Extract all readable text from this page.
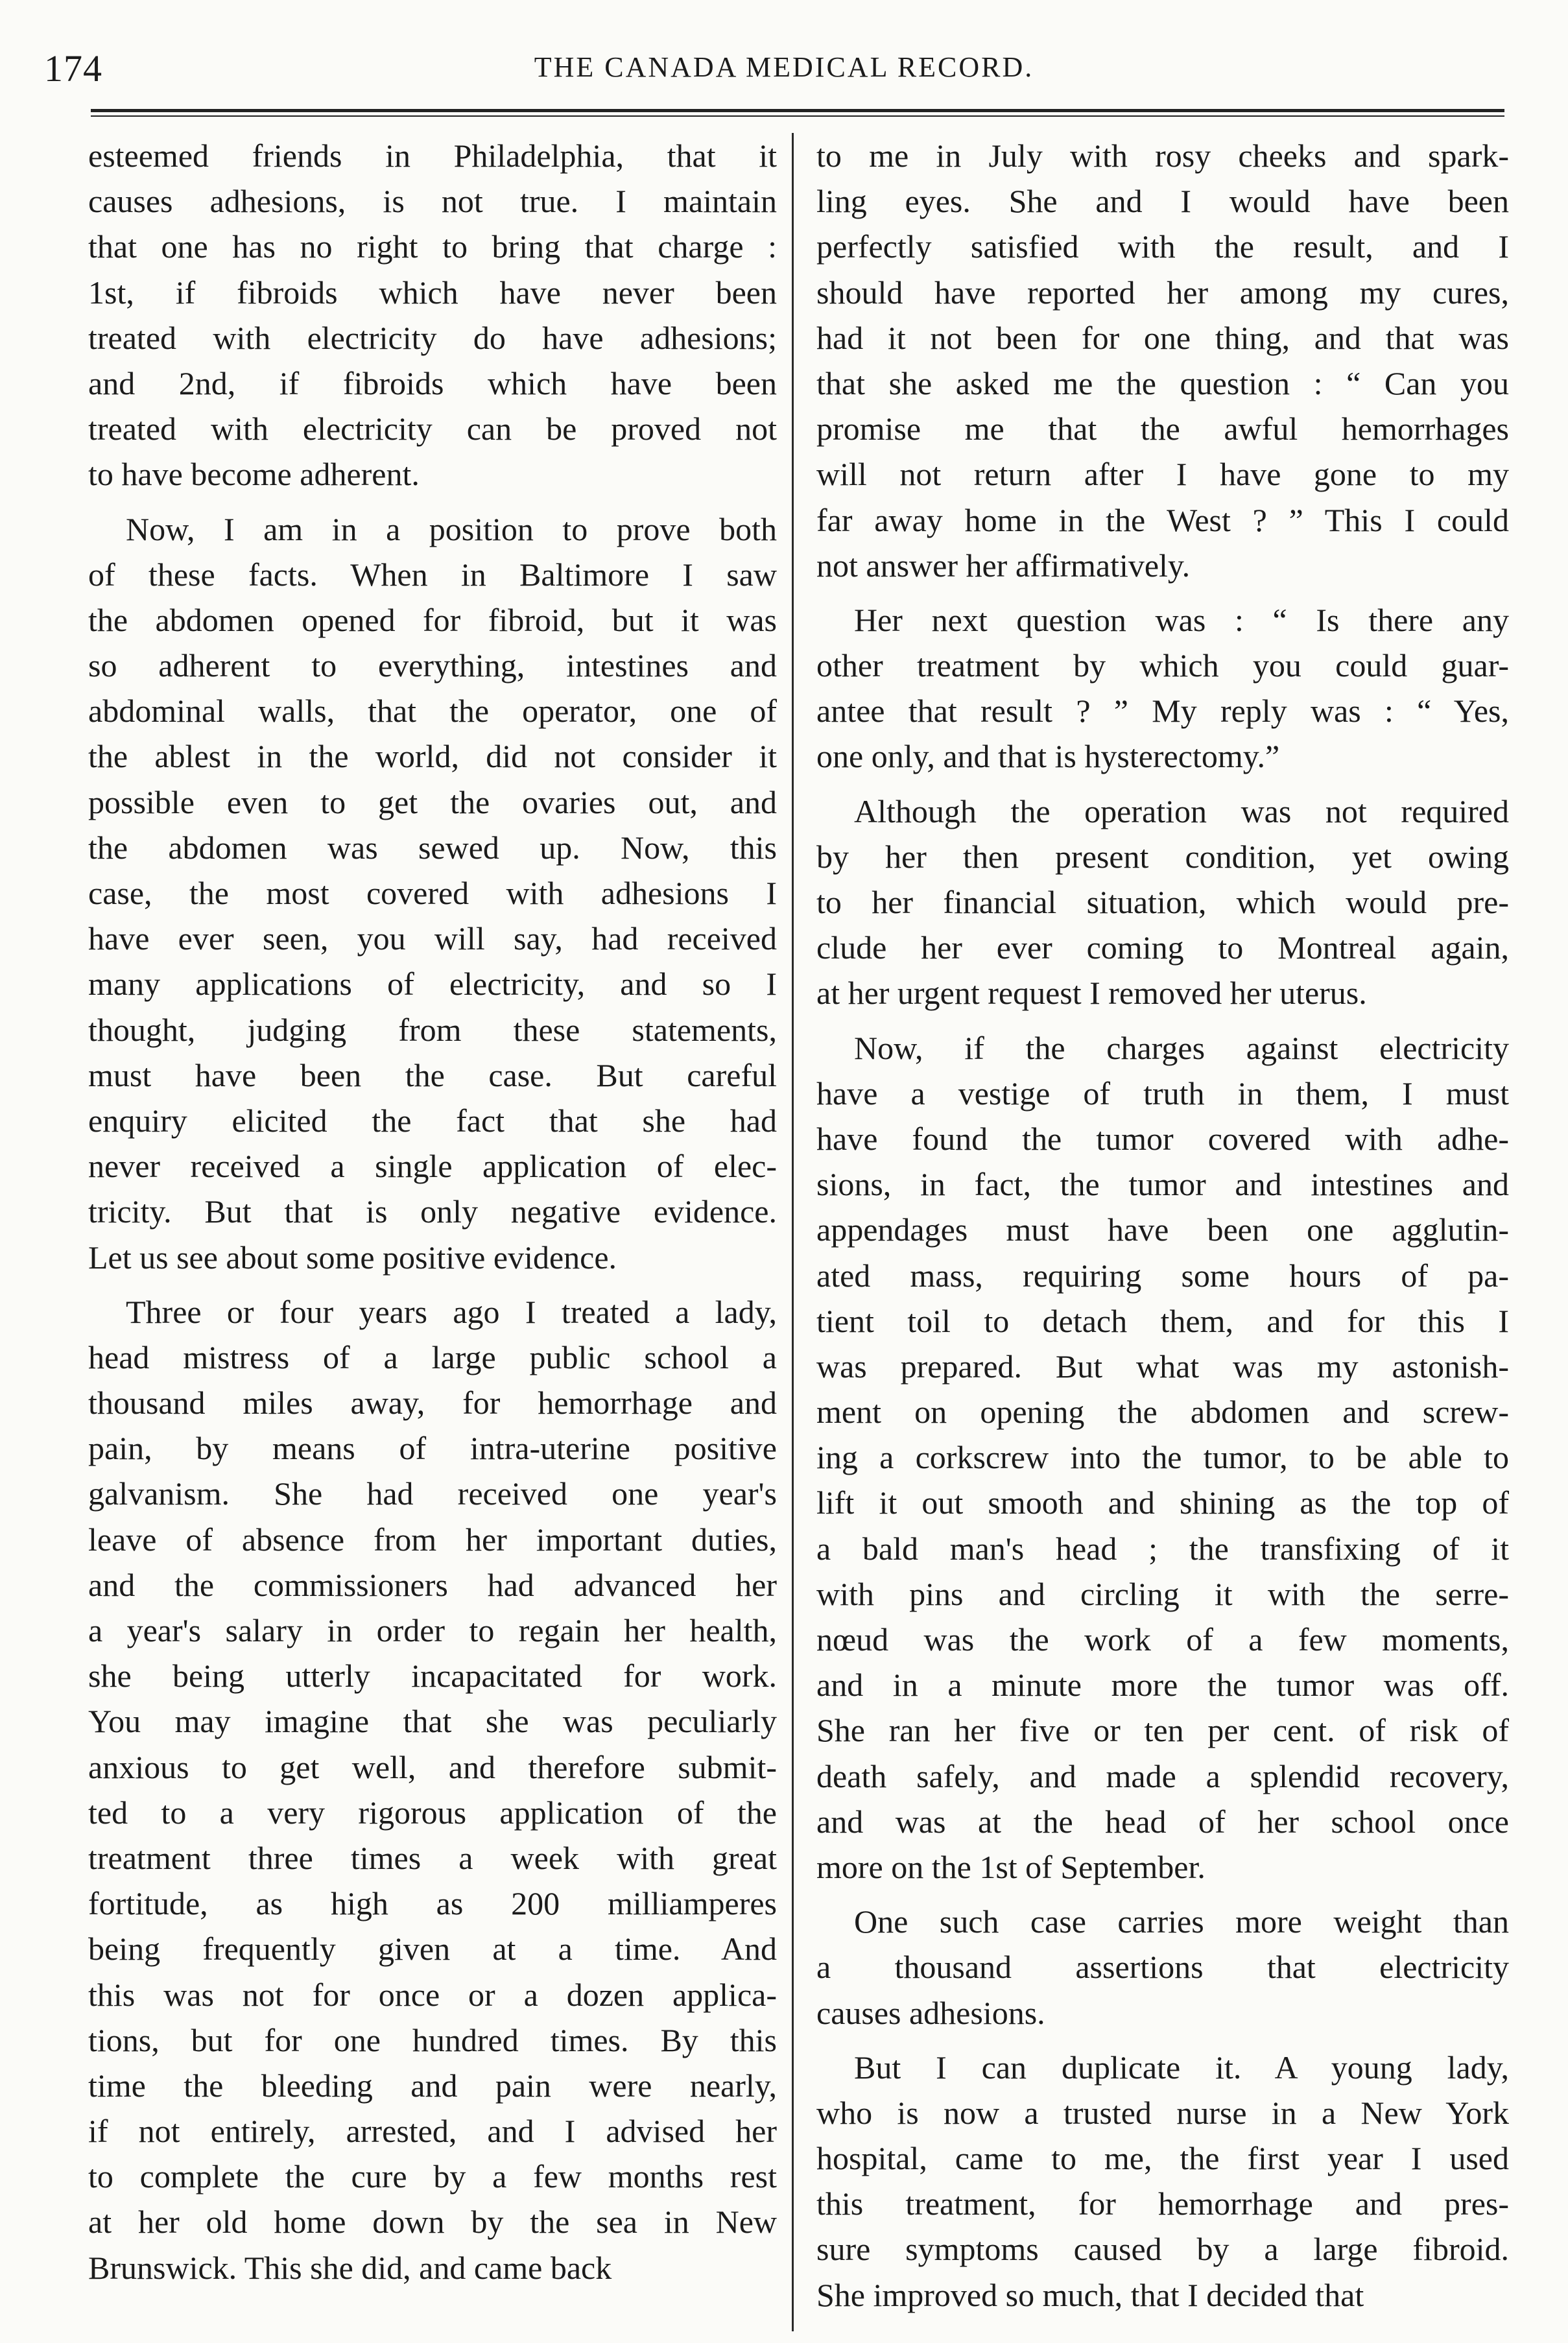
174	THE CANADA MEDICAL RECORD.
esteemed friends in Philadelphia, that it
causes adhesions, is not true. I maintain
that one has no right to bring that charge :
1st, if fibroids which have never been
treated with electricity do have adhesions;
and 2nd, if fibroids which have been
treated with electricity can be proved not
to have become adherent.
Now, I am in a position to prove both
of these facts. When in Baltimore I saw
the abdomen opened for fibroid, but it was
so adherent to everything, intestines and
abdominal walls, that the operator, one of
the ablest in the world, did not consider it
possible even to get the ovaries out, and
the abdomen was sewed up. Now, this
case, the most covered with adhesions I
have ever seen, you will say, had received
many applications of electricity, and so I
thought, judging from these statements,
must have been the case. But careful
enquiry elicited the fact that she had
never received a single application of elec-
tricity. But that is only negative evidence.
Let us see about some positive evidence.
Three or four years ago I treated a lady,
head mistress of a large public school a
thousand miles away, for hemorrhage and
pain, by means of intra-uterine positive
galvanism. She had received one year's
leave of absence from her important duties,
and the commissioners had advanced her
a year's salary in order to regain her health,
she being utterly incapacitated for work.
You may imagine that she was peculiarly
anxious to get well, and therefore submit-
ted to a very rigorous application of the
treatment three times a week with great
fortitude, as high as 200 milliamperes
being frequently given at a time. And
this was not for once or a dozen applica-
tions, but for one hundred times. By this
time the bleeding and pain were nearly,
if not entirely, arrested, and I advised her
to complete the cure by a few months rest
at her old home down by the sea in New
Brunswick. This she did, and came back
to me in July with rosy cheeks and spark-
ling eyes. She and I would have been
perfectly satisfied with the result, and I
should have reported her among my cures,
had it not been for one thing, and that was
that she asked me the question : “ Can you
promise me that the awful hemorrhages
will not return after I have gone to my
far away home in the West ? ” This I could
not answer her affirmatively.
Her next question was : “ Is there any
other treatment by which you could guar-
antee that result ? ” My reply was : “ Yes,
one only, and that is hysterectomy.”
Although the operation was not required
by her then present condition, yet owing
to her financial situation, which would pre-
clude her ever coming to Montreal again,
at her urgent request I removed her uterus.
Now, if the charges against electricity
have a vestige of truth in them, I must
have found the tumor covered with adhe-
sions, in fact, the tumor and intestines and
appendages must have been one agglutin-
ated mass, requiring some hours of pa-
tient toil to detach them, and for this I
was prepared. But what was my astonish-
ment on opening the abdomen and screw-
ing a corkscrew into the tumor, to be able to
lift it out smooth and shining as the top of
a bald man's head ; the transfixing of it
with pins and circling it with the serre-
nœud was the work of a few moments,
and in a minute more the tumor was off.
She ran her five or ten per cent. of risk of
death safely, and made a splendid recovery,
and was at the head of her school once
more on the 1st of September.
One such case carries more weight than
a thousand assertions that electricity
causes adhesions.
But I can duplicate it. A young lady,
who is now a trusted nurse in a New York
hospital, came to me, the first year I used
this treatment, for hemorrhage and pres-
sure symptoms caused by a large fibroid.
She improved so much, that I decided that
